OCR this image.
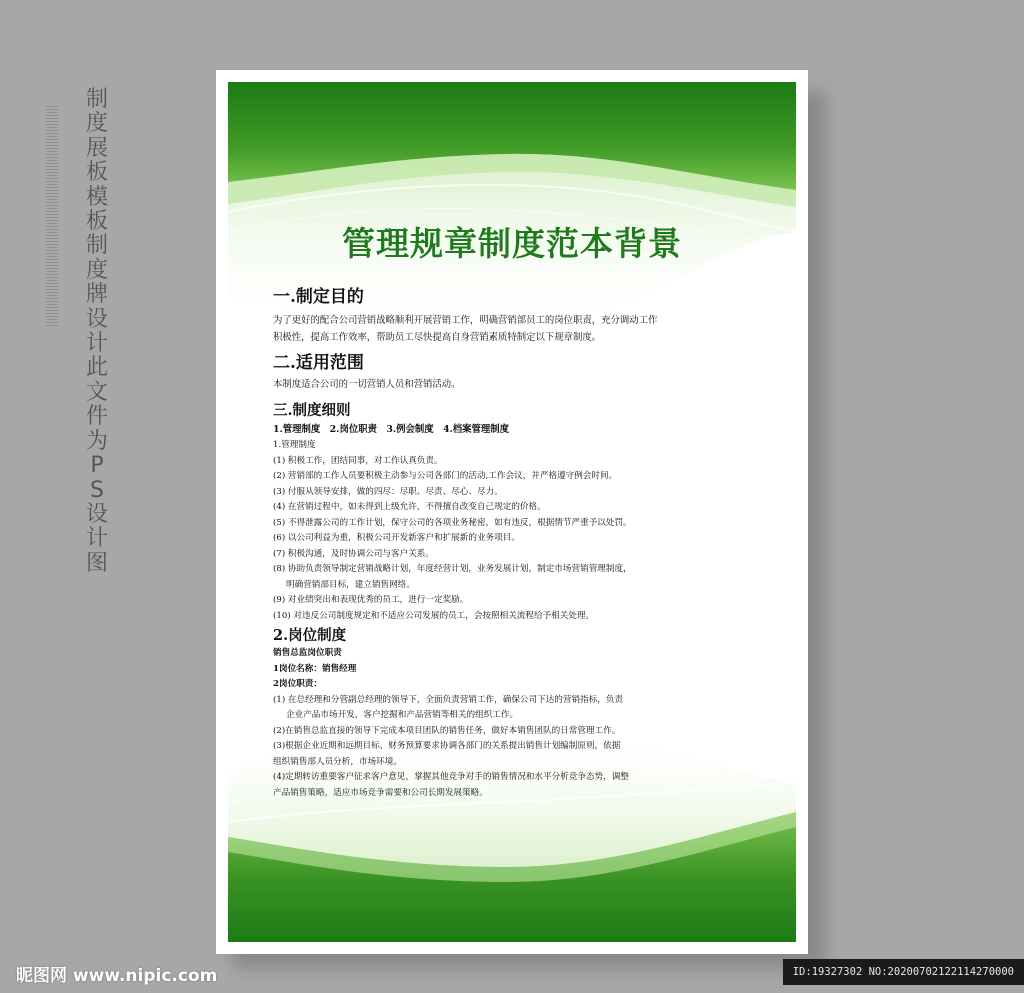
制度展板模板制度牌设计此文件为PS设计图
管理规章制度范本背景

一.制定目的

为了更好的配合公司营销战略顺利开展营销工作，明确营销部员工的岗位职责，充分调动工作

积极性，提高工作效率，帮助员工尽快提高自身营销素质特制定以下规章制度。

二.适用范围

本制度适合公司的一切营销人员和营销活动。

三.制度细则

1.管理制度　2.岗位职责　3.例会制度　4.档案管理制度

1.管理制度

(1) 积极工作，团结同事，对工作认真负责。

(2) 营销部的工作人员要积极主动参与公司各部门的活动,工作会议，并严格遵守例会时间。

(3) 付服从领导安排，做的四尽：尽职、尽责、尽心、尽力。

(4) 在营销过程中，如未得到上级允许，不得擅自改变自己规定的价格。

(5) 不得泄露公司的工作计划，保守公司的各项业务秘密，如有违反，根据情节严重予以处罚。

(6) 以公司利益为重，积极公司开发新客户和扩展新的业务项目。

(7) 积极沟通，及时协调公司与客户关系。

(8) 协助负责领导制定营销战略计划，年度经营计划，业务发展计划，制定市场营销管理制度，

明确营销部目标，建立销售网络。

(9) 对业绩突出和表现优秀的员工，进行一定奖励。

(10) 对违反公司制度规定和不适应公司发展的员工，会按照相关流程给予相关处理。

2.岗位制度

销售总监岗位职责

1岗位名称：销售经理

2岗位职责：

(1) 在总经理和分管副总经理的领导下，全面负责营销工作，确保公司下达的营销指标，负责

企业产品市场开发，客户挖掘和产品营销等相关的组织工作。

(2)在销售总监直接的领导下完成本项目团队的销售任务，做好本销售团队的日常管理工作。

(3)根据企业近期和远期目标，财务预算要求协调各部门的关系提出销售计划编制原则，依据

组织销售部人员分析，市场环境。

(4)定期转访重要客户征求客户意见，掌握其他竞争对手的销售情况和水平分析竞争态势，调整

产品销售策略，适应市场竞争需要和公司长期发展策略。

昵图网 www.nipic.com	ID:19327302 NO:20200702122114270000
